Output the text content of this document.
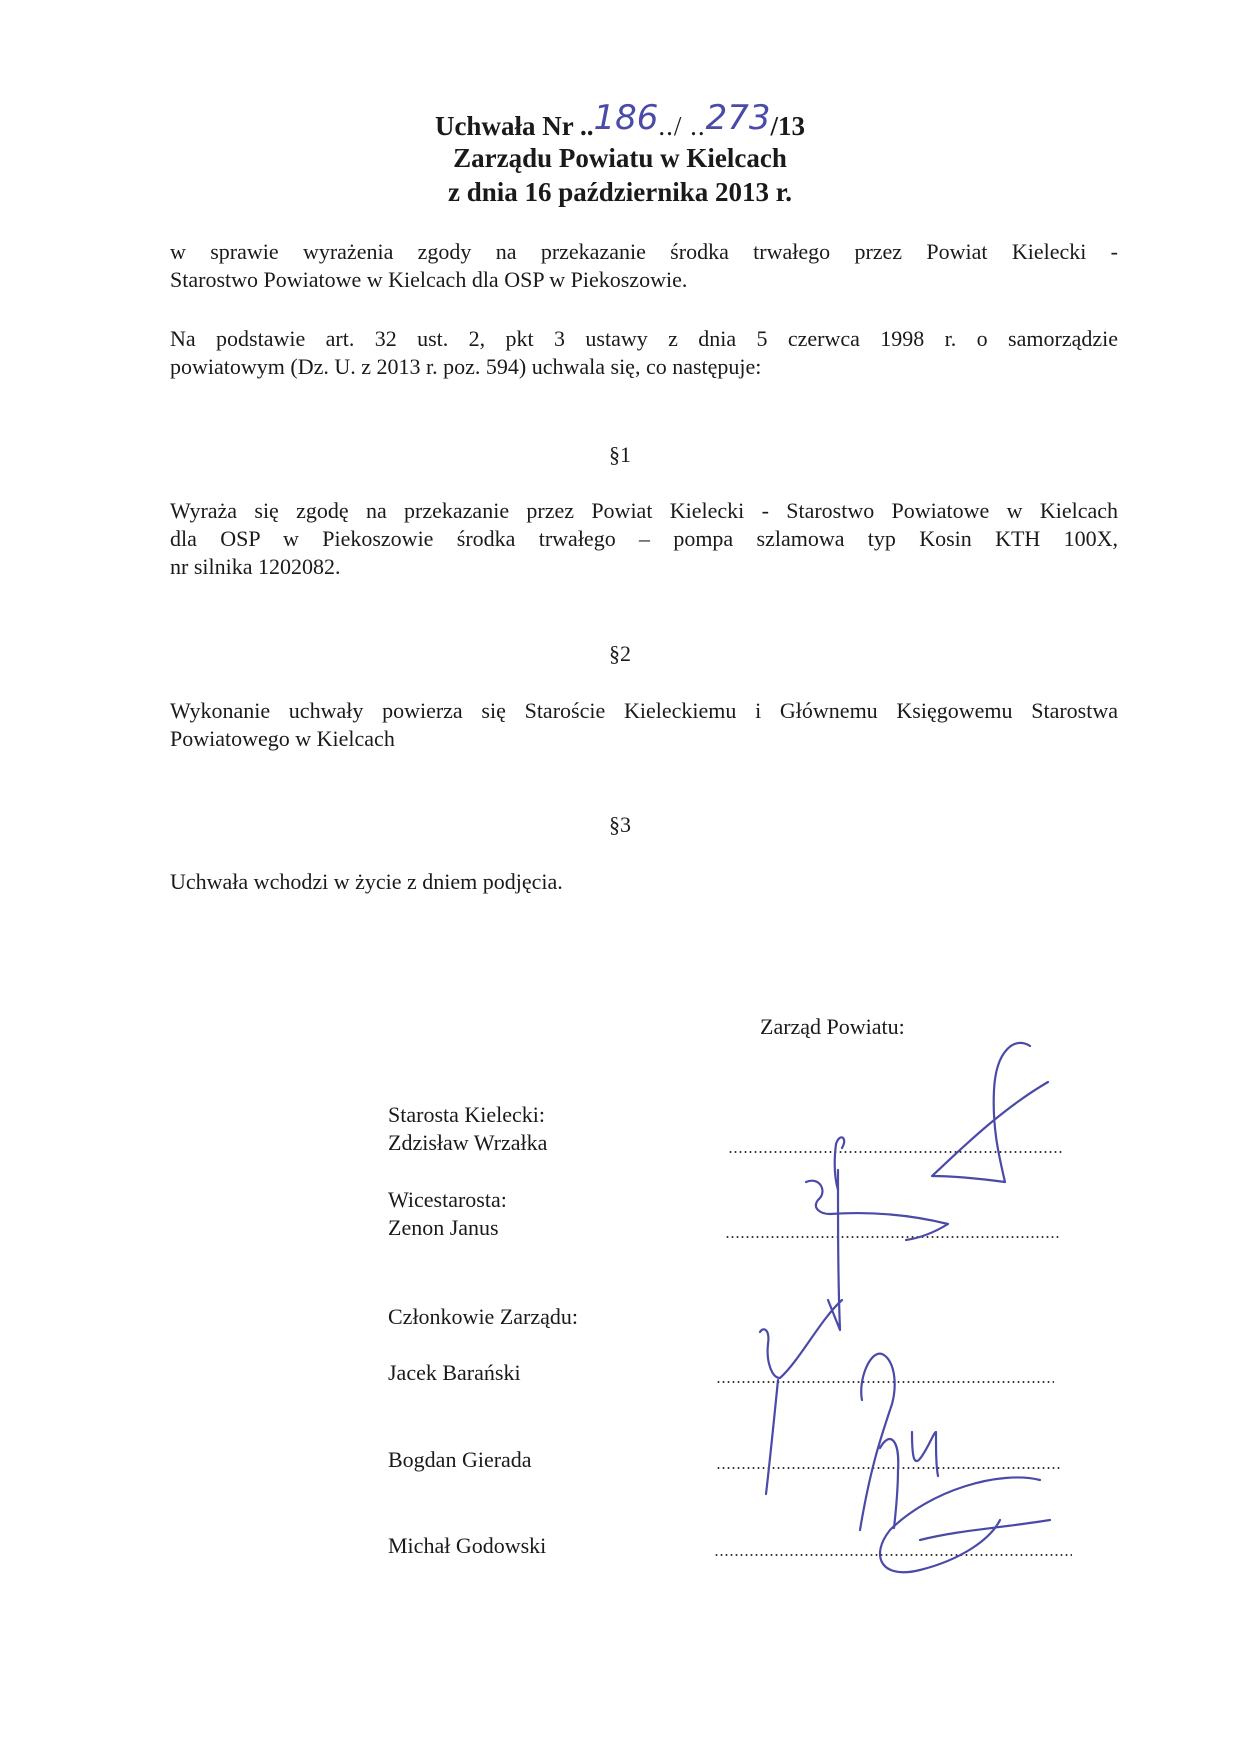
Uchwała Nr ..186../ ..273/13
Zarządu Powiatu w Kielcach
z dnia 16 października 2013 r.
w sprawie wyrażenia zgody na przekazanie środka trwałego przez Powiat Kielecki -
Starostwo Powiatowe w Kielcach dla OSP w Piekoszowie.
Na podstawie art. 32 ust. 2, pkt 3 ustawy z dnia 5 czerwca 1998 r. o samorządzie
powiatowym (Dz. U. z 2013 r. poz. 594) uchwala się, co następuje:
§1
Wyraża się zgodę na przekazanie przez Powiat Kielecki - Starostwo Powiatowe w Kielcach
dla OSP w Piekoszowie środka trwałego – pompa szlamowa typ Kosin KTH 100X,
nr silnika 1202082.
§2
Wykonanie uchwały powierza się Staroście Kieleckiemu i Głównemu Księgowemu Starostwa
Powiatowego w Kielcach
§3
Uchwała wchodzi w życie z dniem podjęcia.
Zarząd Powiatu:
Starosta Kielecki:
Zdzisław Wrzałka
Wicestarosta:
Zenon Janus
Członkowie Zarządu:
Jacek Barański
Bogdan Gierada
Michał Godowski
